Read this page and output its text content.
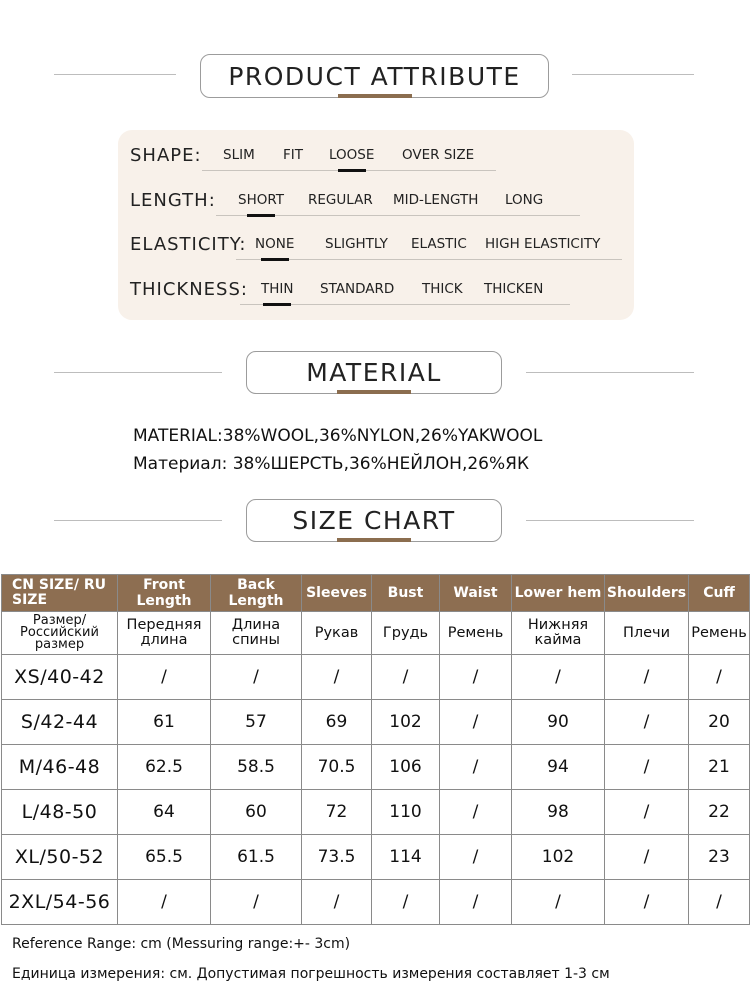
PRODUCT ATTRIBUTE
SHAPE: SLIM FIT LOOSE OVER SIZE
LENGTH: SHORT REGULAR MID-LENGTH LONG
ELASTICITY: NONE SLIGHTLY ELASTIC HIGH ELASTICITY
THICKNESS: THIN STANDARD THICK THICKEN
MATERIAL
MATERIAL:38%WOOL,36%NYLON,26%YAKWOOL
Материал: 38%ШЕРСТЬ,36%НЕЙЛОН,26%ЯК
SIZE CHART
CN SIZE/ RU SIZE	Front Length	Back Length	Sleeves	Bust	Waist	Lower hem	Shoulders	Cuff
Размер/ Российский размер	Передняя длина	Длина спины	Рукав	Грудь	Ремень	Нижняя кайма	Плечи	Ремень
XS/40-42	/	/	/	/	/	/	/	/
S/42-44	61	57	69	102	/	90	/	20
M/46-48	62.5	58.5	70.5	106	/	94	/	21
L/48-50	64	60	72	110	/	98	/	22
XL/50-52	65.5	61.5	73.5	114	/	102	/	23
2XL/54-56	/	/	/	/	/	/	/	/
Reference Range: cm (Messuring range:+- 3cm)
Единица измерения: см. Допустимая погрешность измерения составляет 1-3 см
